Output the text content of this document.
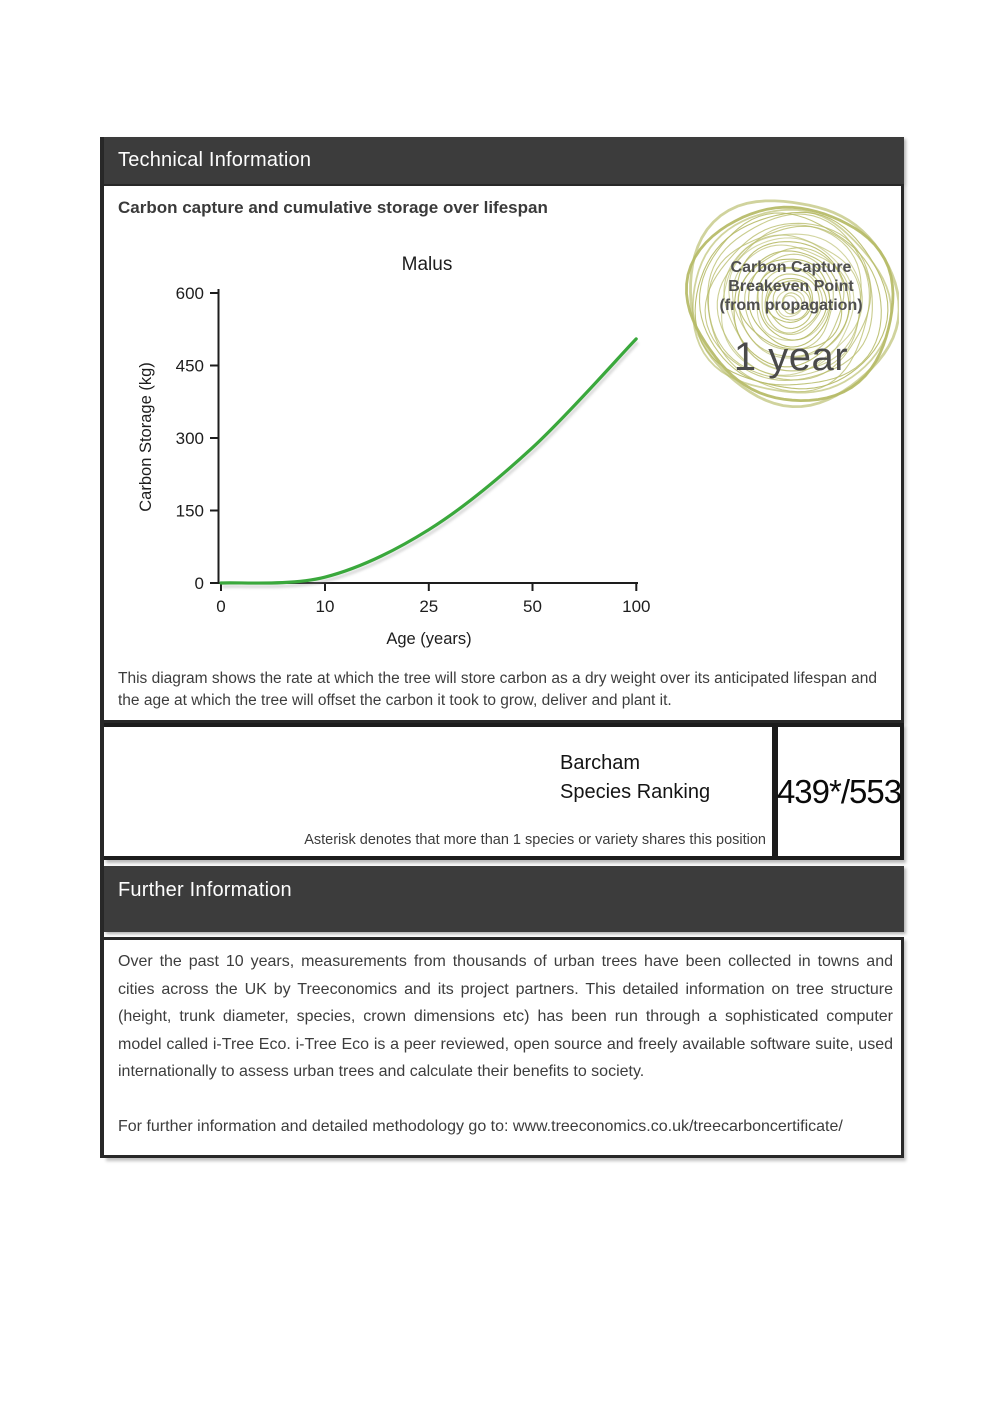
Technical Information
Carbon capture and cumulative storage over lifespan
Malus
Carbon Storage (kg)
600
450
300
150
0
0	10	25	50	100
Age (years)
Carbon Capture
Breakeven Point
(from propagation)
1 year
This diagram shows the rate at which the tree will store carbon as a dry weight over its anticipated lifespan and the age at which the tree will offset the carbon it took to grow, deliver and plant it.
Barcham
Species Ranking
Asterisk denotes that more than 1 species or variety shares this position
439*/553
Further Information

Over the past 10 years, measurements from thousands of urban trees have been collected in towns and cities across the UK by Treeconomics and its project partners. This detailed information on tree structure (height, trunk diameter, species, crown dimensions etc) has been run through a sophisticated computer model called i-Tree Eco. i-Tree Eco is a peer reviewed, open source and freely available software suite, used internationally to assess urban trees and calculate their benefits to society.

For further information and detailed methodology go to: www.treeconomics.co.uk/treecarboncertificate/
